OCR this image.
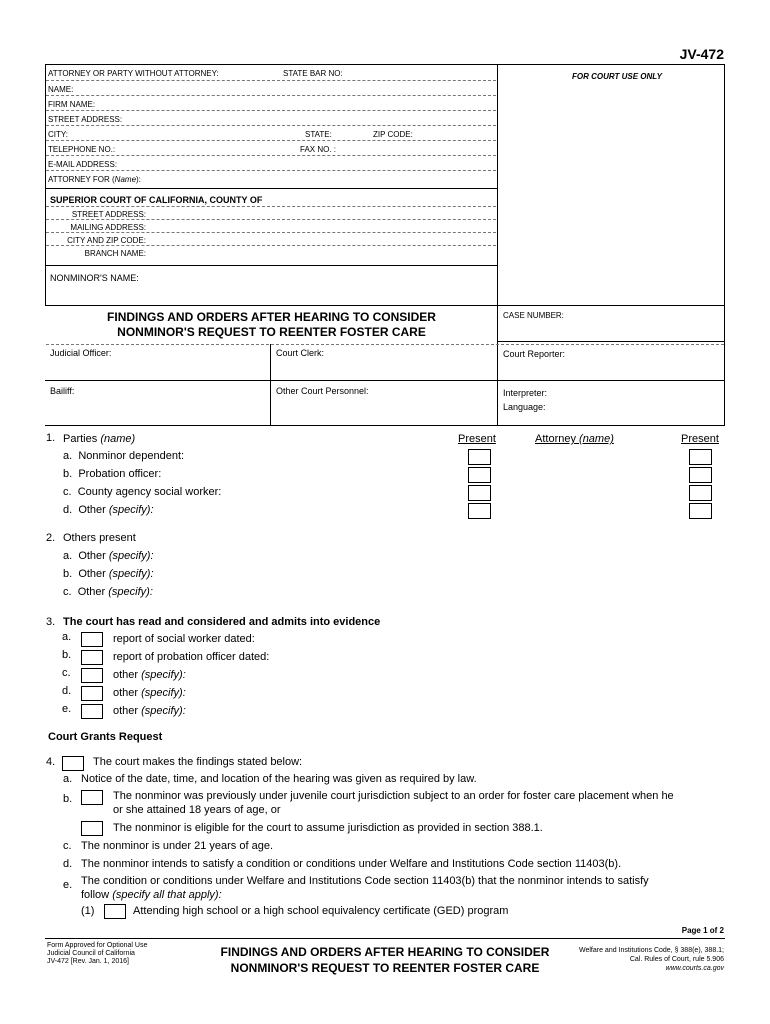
JV-472
ATTORNEY OR PARTY WITHOUT ATTORNEY:	STATE BAR NO:	FOR COURT USE ONLY
NAME:
FIRM NAME:
STREET ADDRESS:
CITY:	STATE:	ZIP CODE:
TELEPHONE NO.:	FAX NO. :
E-MAIL ADDRESS:
ATTORNEY FOR (Name):
SUPERIOR COURT OF CALIFORNIA, COUNTY OF
STREET ADDRESS:
MAILING ADDRESS:
CITY AND ZIP CODE:
BRANCH NAME:
NONMINOR'S NAME:
FINDINGS AND ORDERS AFTER HEARING TO CONSIDER
NONMINOR'S REQUEST TO REENTER FOSTER CARE
CASE NUMBER:
Judicial Officer:	Court Clerk:	Court Reporter:
Bailiff:	Other Court Personnel:	Interpreter:
Language:
1. Parties (name)	Present	Attorney (name)	Present
a. Nonminor dependent:
b. Probation officer:
c. County agency social worker:
d. Other (specify):
2. Others present
a. Other (specify):
b. Other (specify):
c. Other (specify):
3. The court has read and considered and admits into evidence
a.	report of social worker dated:
b.	report of probation officer dated:
c.	other (specify):
d.	other (specify):
e.	other (specify):
Court Grants Request
4.	The court makes the findings stated below:
a. Notice of the date, time, and location of the hearing was given as required by law.
b.	The nonminor was previously under juvenile court jurisdiction subject to an order for foster care placement when he
or she attained 18 years of age, or
The nonminor is eligible for the court to assume jurisdiction as provided in section 388.1.
c. The nonminor is under 21 years of age.
d. The nonminor intends to satisfy a condition or conditions under Welfare and Institutions Code section 11403(b).
e. The condition or conditions under Welfare and Institutions Code section 11403(b) that the nonminor intends to satisfy
follow (specify all that apply):
(1)	Attending high school or a high school equivalency certificate (GED) program
Page 1 of 2
Form Approved for Optional Use
Judicial Council of California
JV-472 [Rev. Jan. 1, 2016]
FINDINGS AND ORDERS AFTER HEARING TO CONSIDER
NONMINOR'S REQUEST TO REENTER FOSTER CARE
Welfare and Institutions Code, § 388(e), 388.1;
Cal. Rules of Court, rule 5.906
www.courts.ca.gov
